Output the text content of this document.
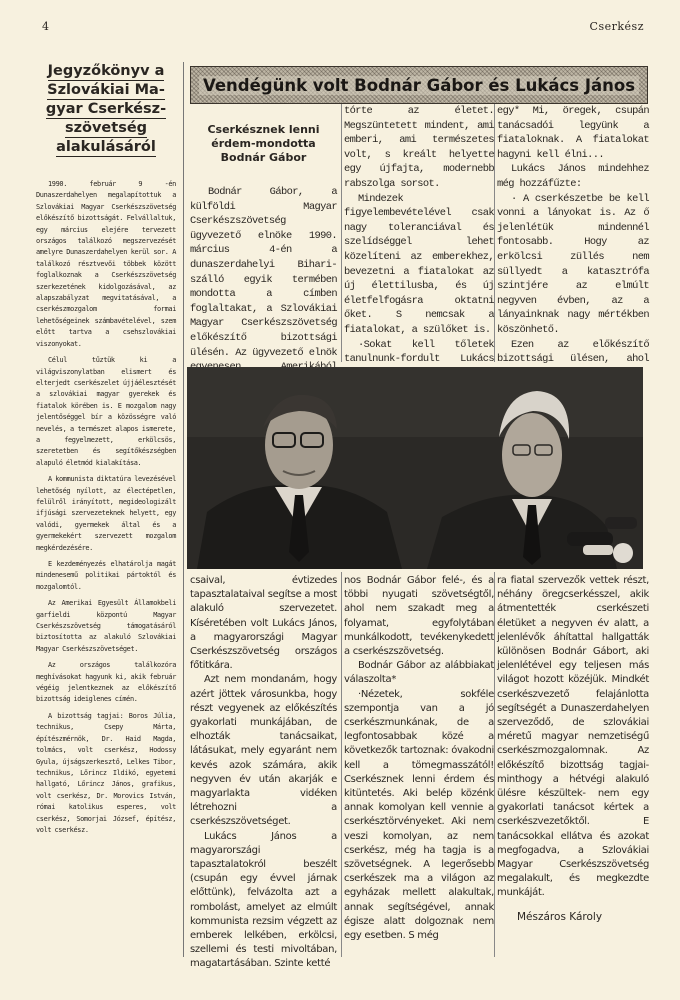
4	Cserkész
Jegyzőkönyv a
Szlovákiai Ma-
gyar Cserkész-
szövetség
alakulásáról

1990. február 9 -én Dunaszerdahelyen megalapítottuk a Szlovákiai Magyar Cserkészszövetség előkészítő bizottságát. Felvállaltuk, egy március elejére tervezett országos találkozó megszervezését amelyre Dunaszerdahelyen kerül sor. A találkozó résztvevői többek között foglalkoznak a Cserkészszövetség szerkezetének kidolgozásával, az alapszabályzat megvitatásával, a cserkészmozgalom formai lehetőségeinek számbavételével, szem előtt tartva a csehszlovákiai viszonyokat.

Célul tűztük ki a világviszonylatban elismert és elterjedt cserkészelet újjáélesztését a szlovákiai magyar gyerekek és fiatalok körében is. E mozgalom nagy jelentőséggel bír a közösségre való nevelés, a természet alapos ismerete, a fegyelmezett, erkölcsös, szeretetben és segítőkészségben alapuló életmód kialakítása.

A kommunista diktatúra levezésével lehetőség nyílott, az électépetlen, felülről irányított, megideologizált ifjúsági szervezeteknek helyett, egy valódi, gyermekek által és a gyermekekért szervezett mozgalom megkérdezésére.

E kezdeményezés elhatárolja magát mindenesemű politikai pártoktól és mozgalomtól.

Az Amerikai Egyesült Államokbeli garfieldi központú Magyar Cserkészszövetség támogatásáról biztosította az alakuló Szlovákiai Magyar Cserkészszövetséget.

Az országos találkozóra meghívásokat hagyunk ki, akik február végéig jelentkeznek az előkészítő bizottság ideiglenes címén.

A bizottság tagjai: Boros Júlia, technikus, Csepy Márta, építészmérnök, Dr. Haid Magda, tolmács, volt cserkész, Hodossy Gyula, újságszerkesztő, Lelkes Tibor, technikus, Lőrincz Ildikó, egyetemi hallgató, Lőrincz János, grafikus, volt cserkész, Dr. Morovics István, római katolikus esperes, volt cserkész, Somorjai József, építész, volt cserkész.

Vendégünk volt Bodnár Gábor és Lukács János
Cserkésznek lenni érdem-mondotta Bodnár Gábor

Bodnár Gábor, a külföldi Magyar Cserkészszövetség ügyvezető elnöke 1990. március 4-én a dunaszerdahelyi Bihari-szálló egyik termében mondotta a címben foglaltakat, a Szlovákiai Magyar Cserkészszövetség előkészítő bizottsági ülésén. Az ügyvezető elnök

tórte az életet. Megszüntetett mindent, ami emberi, ami természetes volt, s kreált helyette egy újfajta, modernebb rabszolga sorsot.

Mindezek figyelembevételével csak nagy toleranciával és szelídséggel lehet közelíteni az emberekhez, bevezetni a fiatalokat az új élettilusba, és új életfelfogásra oktatni őket. S nemcsak a fiatalokat, a szülőket is.

·Sokat kell tőletek tanulnunk-fordult Lukács

egy* Mi, öregek, csupán tanácsadói legyünk a fiataloknak. A fiatalokat hagyni kell élni...

Lukács János mindehhez még hozzáfűzte:

· A cserkészetbe be kell vonni a lányokat is. Az ő jelenlétük mindennél fontosabb. Hogy az erkölcsi züllés nem süllyedt a katasztrófa szintjére az elmúlt negyven évben, az a lányainknak nagy mértékben köszönhető.

Ezen az előkészítő bizottsági ülésen, ahol

csaival, évtizedes tapasztalataival segítse a most alakuló szervezetet. Kíséretében volt Lukács János, a magyarországi Magyar Cserkészszövetség országos főtitkára.

Azt nem mondanám, hogy azért jöttek városunkba, hogy részt vegyenek az előkészítés gyakorlati munkájában, de elhozták tanácsaikat, látásukat, mely egyaránt nem kevés azok számára, akik negyven év után akarják e magyarlakta vidéken létrehozni a cserkészszövetséget.

Lukács János a magyarországi tapasztalatokról beszélt (csupán egy évvel járnak előttünk), felvázolta azt a rombolást, amelyet az elmúlt kommunista rezsim végzett az emberek lelkében, erkölcsi, szellemi és testi mivoltában, magatartásában. Szinte ketté

nos Bodnár Gábor felé-, és a többi nyugati szövetségtől, ahol nem szakadt meg a folyamat, egyfolytában munkálkodott, tevékenykedett a cserkészszövetség.

Bodnár Gábor az alábbiakat válaszolta*

·Nézetek, sokféle szempontja van a jó cserkészmunkának, de a legfontosabbak közé a következők tartoznak: óvakodni kell a tömegmasszától! Cserkésznek lenni érdem és kitüntetés. Aki belép közénk annak komolyan kell vennie a cserkésztörvényeket. Aki nem veszi komolyan, az nem cserkész, még ha tagja is a szövetségnek. A legerősebb cserkészek ma a világon az egyházak mellett alakultak, annak segítségével, annak égisze alatt dolgoznak nem egy esetben. S még

ra fiatal szervezők vettek részt, néhány öregcserkésszel, akik átmentették cserkészeti életüket a negyven év alatt, a jelenlévők áhítattal hallgatták különösen Bodnár Gábort, aki jelenlétével egy teljesen más világot hozott közéjük. Mindkét cserkészvezető felajánlotta segítségét a Dunaszerdahelyen szerveződő, de szlovákiai méretű magyar nemzetiségű cserkészmozgalomnak. Az előkészítő bizottság tagjai-minthogy a hétvégi alakuló ülésre készültek- nem egy gyakorlati tanácsot kértek a cserkészvezetőktől. E tanácsokkal ellátva és azokat megfogadva, a Szlovákiai Magyar Cserkészszövetség megalakult, és megkezdte munkáját.

Mészáros Károly
